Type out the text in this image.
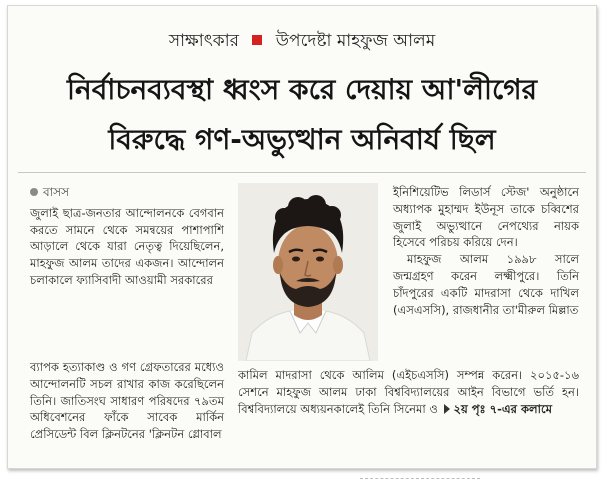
সাক্ষাৎকার উপদেষ্টা মাহফুজ আলম
নির্বাচনব্যবস্থা ধ্বংস করে দেয়ায় আ'লীগের
বিরুদ্ধে গণ-অভ্যুত্থান অনিবার্য ছিল
বাসস

জুলাই ছাত্র-জনতার আন্দোলনকে বেগবান করতে সামনে থেকে সমন্বয়ের পাশাপাশি আড়ালে থেকে যারা নেতৃত্ব দিয়েছিলেন, মাহফুজ আলম তাদের একজন। আন্দোলন চলাকালে ফ্যাসিবাদী আওয়ামী সরকারের

ইনিশিয়েটিভ লিডার্স স্টেজ' অনুষ্ঠানে অধ্যাপক মুহাম্মদ ইউনূস তাকে চব্বিশের জুলাই অভ্যুত্থানে নেপথ্যের নায়ক হিসেবে পরিচয় করিয়ে দেন।

মাহফুজ আলম ১৯৯৮ সালে জন্মগ্রহণ করেন লক্ষ্মীপুরে। তিনি চাঁদপুরের একটি মাদরাসা থেকে দাখিল (এসএসসি), রাজধানীর তা'মীরুল মিল্লাত

কামিল মাদরাসা থেকে আলিম (এইচএসসি) সম্পন্ন করেন। ২০১৫-১৬ সেশনে মাহফুজ আলম ঢাকা বিশ্ববিদ্যালয়ের আইন বিভাগে ভর্তি হন। বিশ্ববিদ্যালয়ে অধ্যয়নকালেই তিনি সিনেমা ও ২য় পৃঃ ৭-এর কলামে

ব্যাপক হত্যাকাণ্ড ও গণ গ্রেফতারের মধ্যেও আন্দোলনটি সচল রাখার কাজ করেছিলেন তিনি। জাতিসংঘ সাধারণ পরিষদের ৭৯তম অধিবেশনের ফাঁকে সাবেক মার্কিন প্রেসিডেন্ট বিল ক্লিনটনের 'ক্লিনটন গ্লোবাল
